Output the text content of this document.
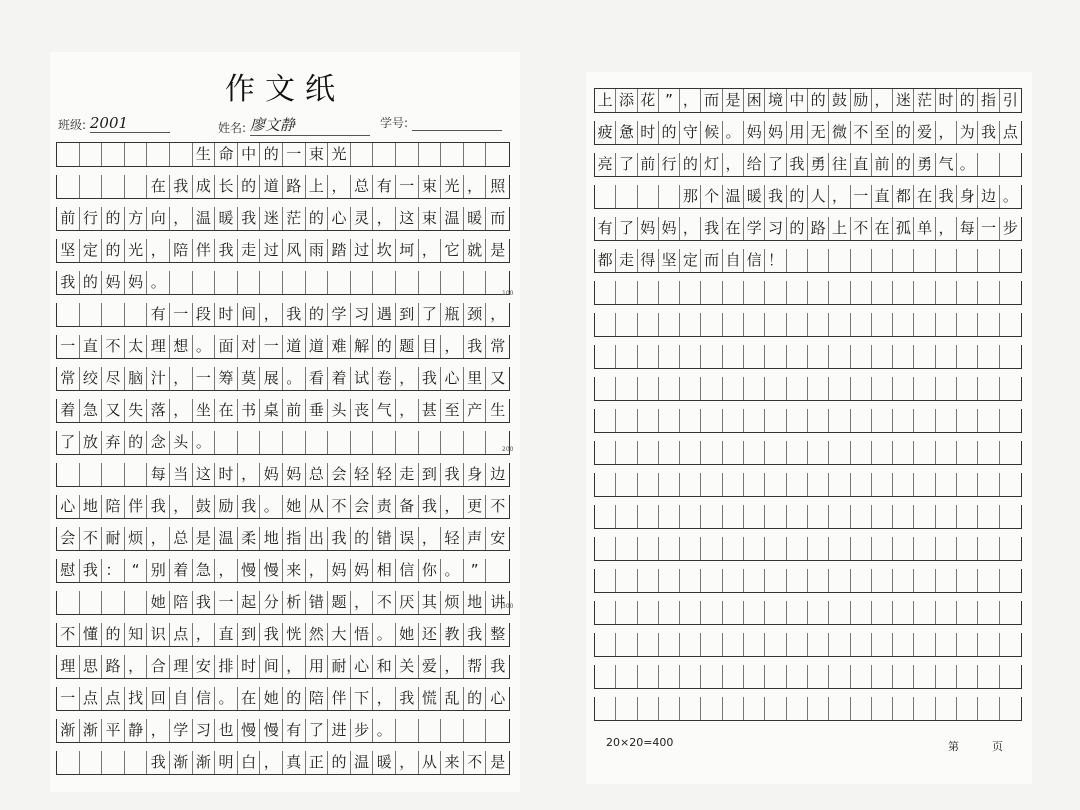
作文纸
班级: 2001	姓名: 廖文静	学号:
生 命 中 的 一 束 光
在 我 成 长 的 道 路 上 ， 总 有 一 束 光 ， 照
前 行 的 方 向 ， 温 暖 我 迷 茫 的 心 灵 ， 这 束 温 暖 而
坚 定 的 光 ， 陪 伴 我 走 过 风 雨 踏 过 坎 坷 ， 它 就 是
我 的 妈 妈 。
有 一 段 时 间 ， 我 的 学 习 遇 到 了 瓶 颈 ，
一 直 不 太 理 想 。 面 对 一 道 道 难 解 的 题 目 ， 我 常
常 绞 尽 脑 汁 ， 一 筹 莫 展 。 看 着 试 卷 ， 我 心 里 又
着 急 又 失 落 ， 坐 在 书 桌 前 垂 头 丧 气 ， 甚 至 产 生
了 放 弃 的 念 头 。
每 当 这 时 ， 妈 妈 总 会 轻 轻 走 到 我 身 边
心 地 陪 伴 我 ， 鼓 励 我 。 她 从 不 会 责 备 我 ， 更 不
会 不 耐 烦 ， 总 是 温 柔 地 指 出 我 的 错 误 ， 轻 声 安
慰 我 ： “ 别 着 急 ， 慢 慢 来 ， 妈 妈 相 信 你 。 ”
她 陪 我 一 起 分 析 错 题 ， 不 厌 其 烦 地 讲
不 懂 的 知 识 点 ， 直 到 我 恍 然 大 悟 。 她 还 教 我 整
理 思 路 ， 合 理 安 排 时 间 ， 用 耐 心 和 关 爱 ， 帮 我
一 点 点 找 回 自 信 。 在 她 的 陪 伴 下 ， 我 慌 乱 的 心
渐 渐 平 静 ， 学 习 也 慢 慢 有 了 进 步 。
我 渐 渐 明 白 ， 真 正 的 温 暖 ， 从 来 不 是
100
200
300
上 添 花 ” ， 而 是 困 境 中 的 鼓 励 ， 迷 茫 时 的 指 引
疲 惫 时 的 守 候 。 妈 妈 用 无 微 不 至 的 爱 ， 为 我 点
亮 了 前 行 的 灯 ， 给 了 我 勇 往 直 前 的 勇 气 。
那 个 温 暖 我 的 人 ， 一 直 都 在 我 身 边 。
有 了 妈 妈 ， 我 在 学 习 的 路 上 不 在 孤 单 ， 每 一 步
都 走 得 坚 定 而 自 信 ！
20×20=400	第	页
